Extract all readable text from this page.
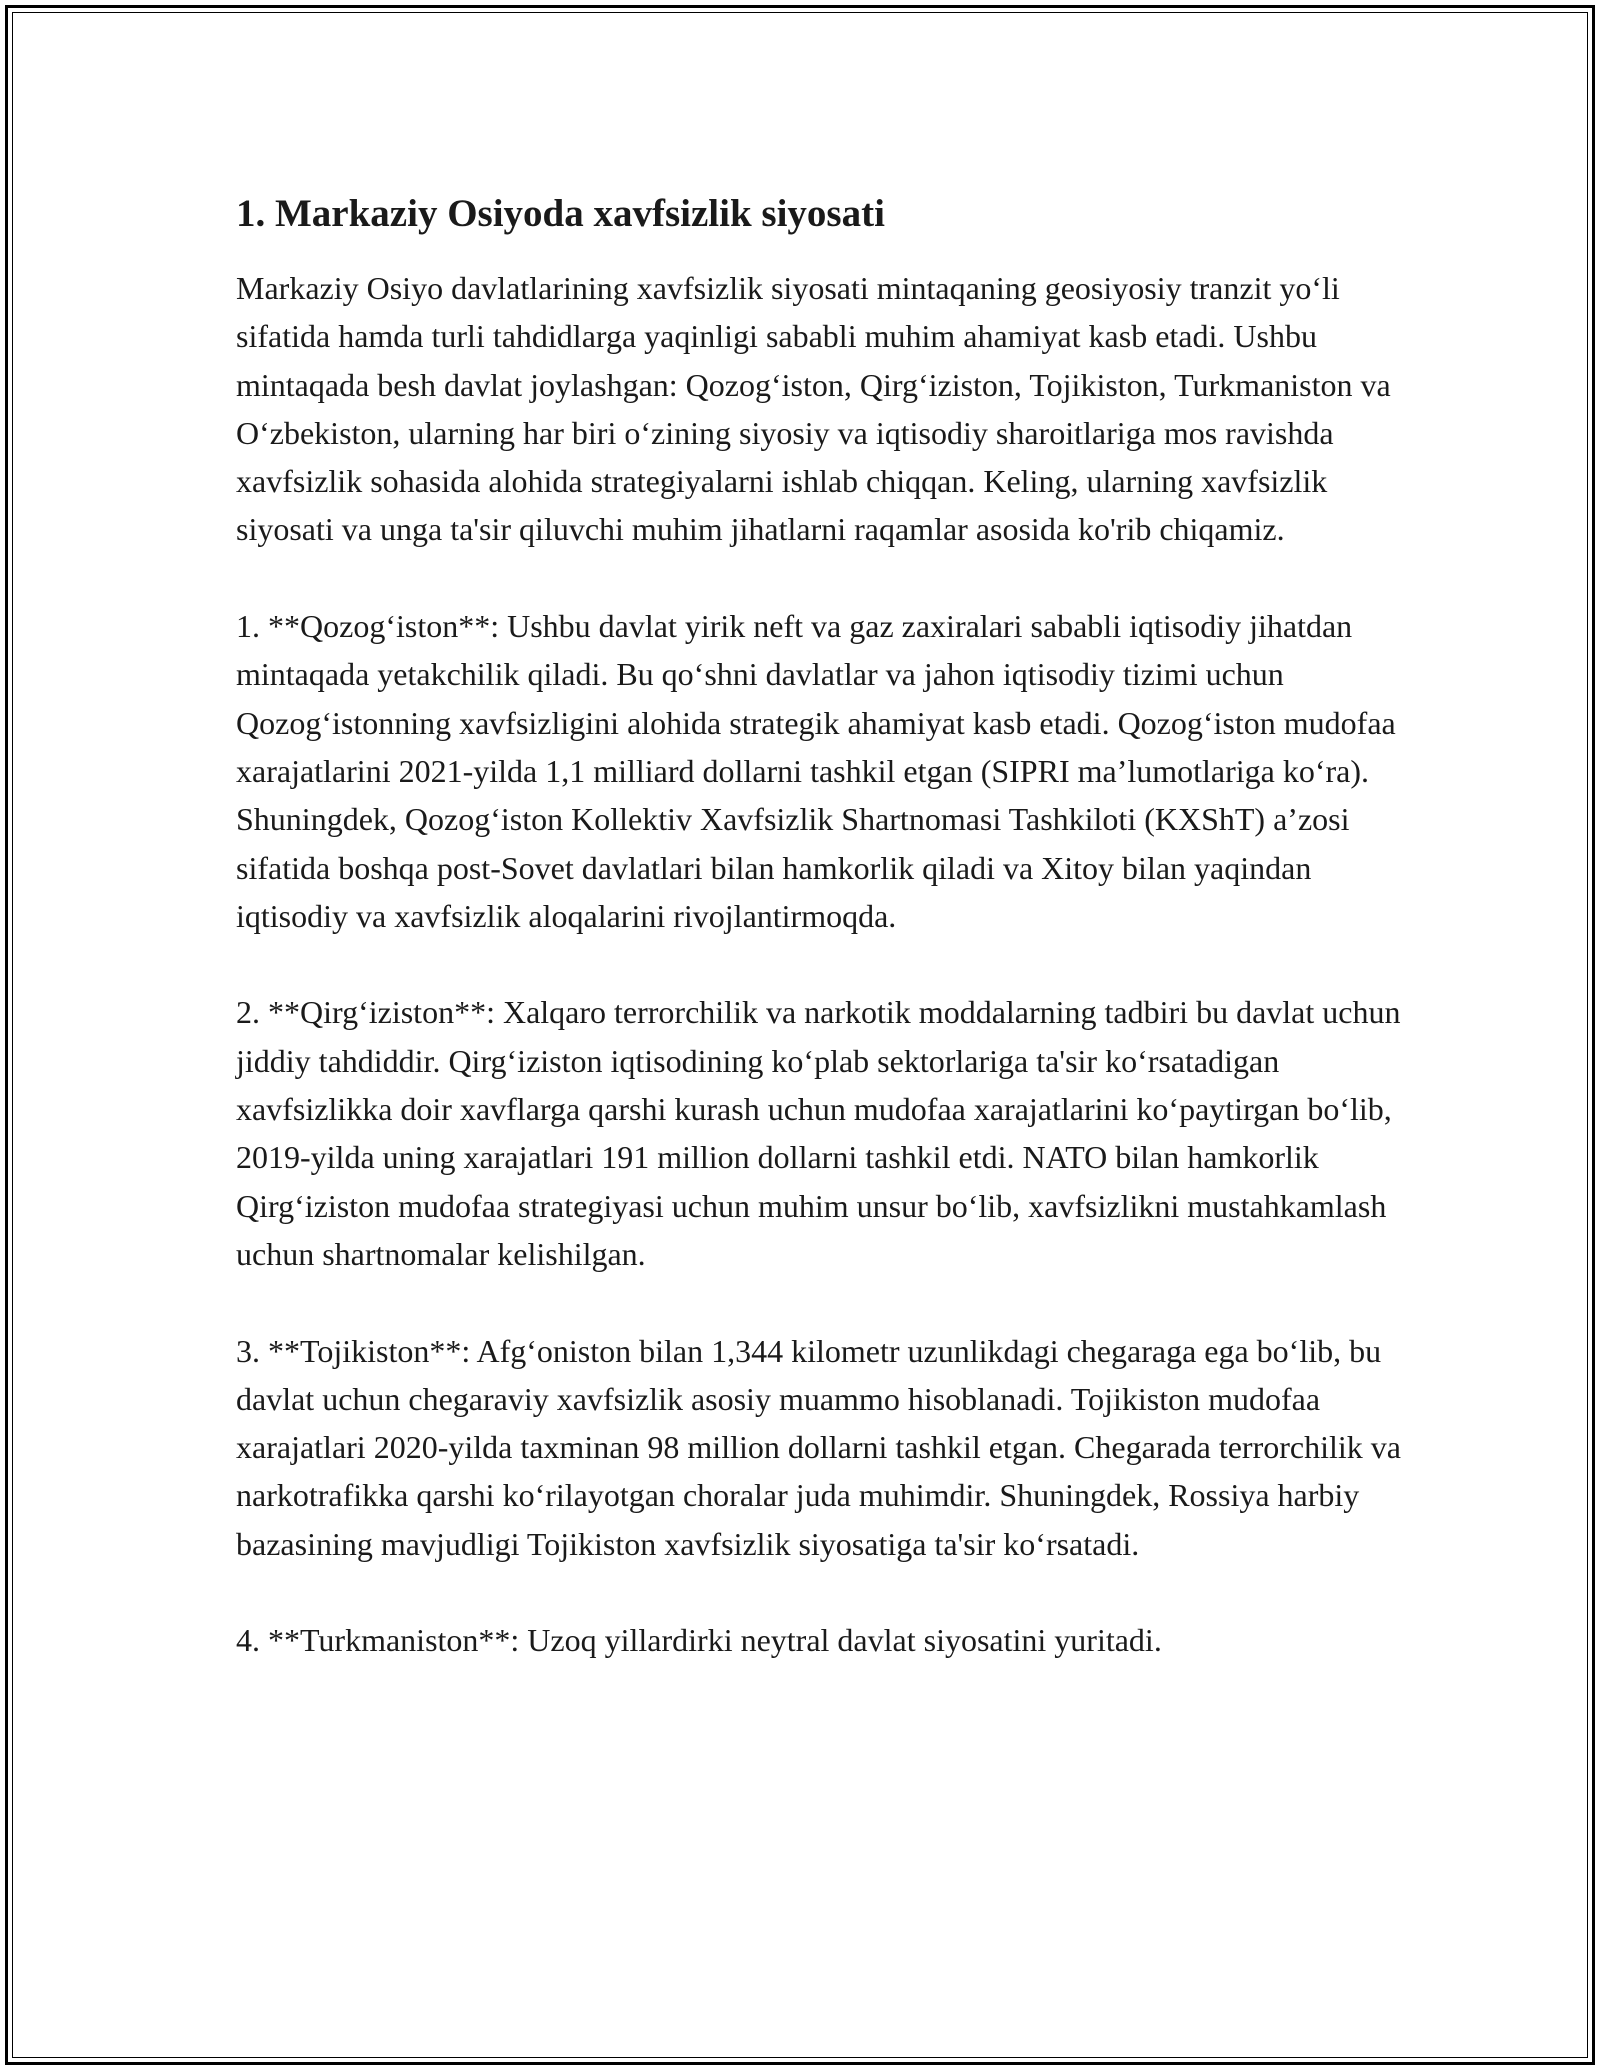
1. Markaziy Osiyoda xavfsizlik siyosati
Markaziy Osiyo davlatlarining xavfsizlik siyosati mintaqaning geosiyosiy tranzit yo‘li sifatida hamda turli tahdidlarga yaqinligi sababli muhim ahamiyat kasb etadi. Ushbu mintaqada besh davlat joylashgan: Qozog‘iston, Qirg‘iziston, Tojikiston, Turkmaniston va O‘zbekiston, ularning har biri o‘zining siyosiy va iqtisodiy sharoitlariga mos ravishda xavfsizlik sohasida alohida strategiyalarni ishlab chiqqan. Keling, ularning xavfsizlik siyosati va unga ta'sir qiluvchi muhim jihatlarni raqamlar asosida ko'rib chiqamiz.
1. **Qozog‘iston**: Ushbu davlat yirik neft va gaz zaxiralari sababli iqtisodiy jihatdan mintaqada yetakchilik qiladi. Bu qo‘shni davlatlar va jahon iqtisodiy tizimi uchun Qozog‘istonning xavfsizligini alohida strategik ahamiyat kasb etadi. Qozog‘iston mudofaa xarajatlarini 2021-yilda 1,1 milliard dollarni tashkil etgan (SIPRI ma’lumotlariga ko‘ra). Shuningdek, Qozog‘iston Kollektiv Xavfsizlik Shartnomasi Tashkiloti (KXShT) a’zosi sifatida boshqa post-Sovet davlatlari bilan hamkorlik qiladi va Xitoy bilan yaqindan iqtisodiy va xavfsizlik aloqalarini rivojlantirmoqda.
2. **Qirg‘iziston**: Xalqaro terrorchilik va narkotik moddalarning tadbiri bu davlat uchun jiddiy tahdiddir. Qirg‘iziston iqtisodining ko‘plab sektorlariga ta'sir ko‘rsatadigan xavfsizlikka doir xavflarga qarshi kurash uchun mudofaa xarajatlarini ko‘paytirgan bo‘lib, 2019-yilda uning xarajatlari 191 million dollarni tashkil etdi. NATO bilan hamkorlik Qirg‘iziston mudofaa strategiyasi uchun muhim unsur bo‘lib, xavfsizlikni mustahkamlash uchun shartnomalar kelishilgan.
3. **Tojikiston**: Afg‘oniston bilan 1,344 kilometr uzunlikdagi chegaraga ega bo‘lib, bu davlat uchun chegaraviy xavfsizlik asosiy muammo hisoblanadi. Tojikiston mudofaa xarajatlari 2020-yilda taxminan 98 million dollarni tashkil etgan. Chegarada terrorchilik va narkotrafikka qarshi ko‘rilayotgan choralar juda muhimdir. Shuningdek, Rossiya harbiy bazasining mavjudligi Tojikiston xavfsizlik siyosatiga ta'sir ko‘rsatadi.
4. **Turkmaniston**: Uzoq yillardirki neytral davlat siyosatini yuritadi.
